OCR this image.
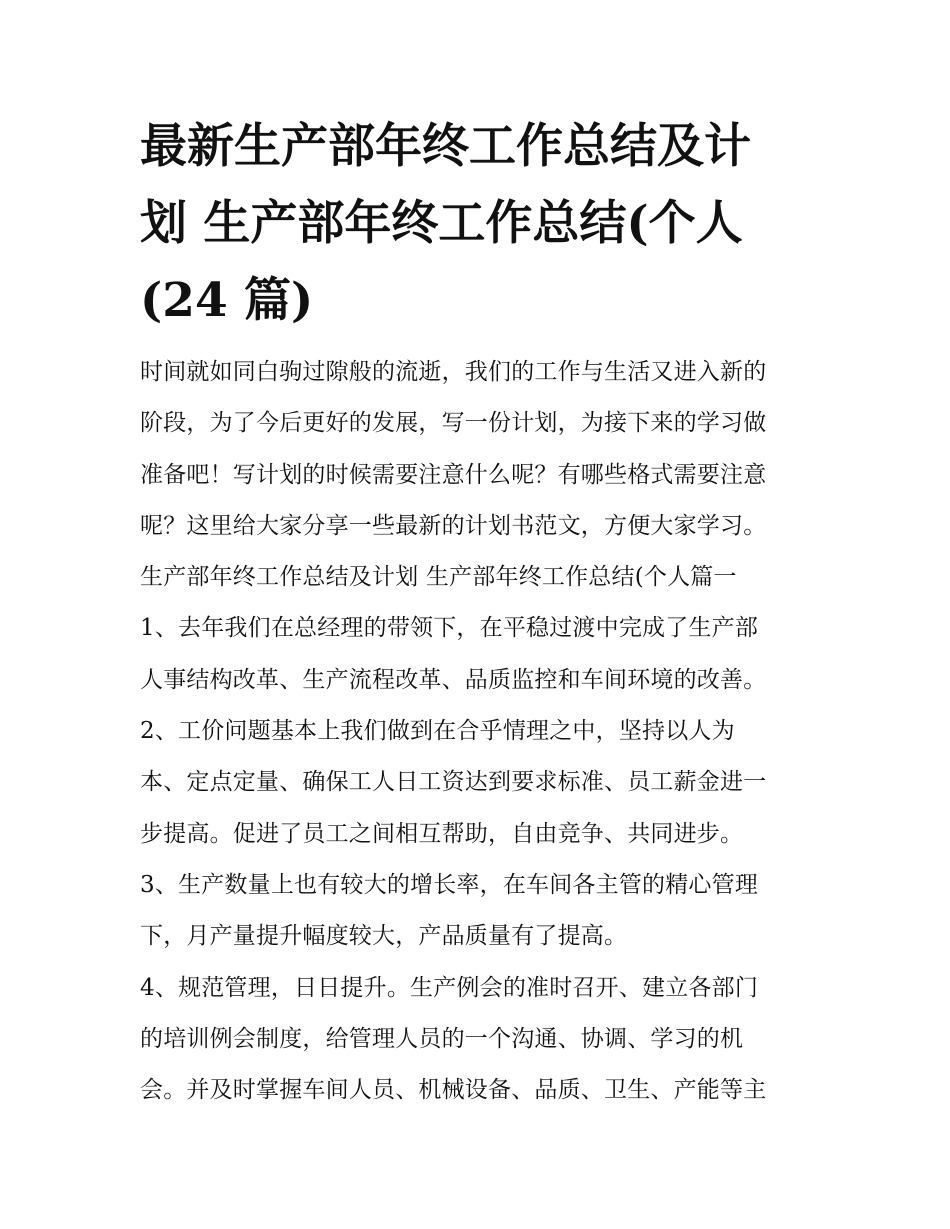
最新生产部年终工作总结及计
划 生产部年终工作总结(个人
(24 篇)
时间就如同白驹过隙般的流逝，我们的工作与生活又进入新的
阶段，为了今后更好的发展，写一份计划，为接下来的学习做
准备吧！写计划的时候需要注意什么呢？有哪些格式需要注意
呢？这里给大家分享一些最新的计划书范文，方便大家学习。
生产部年终工作总结及计划 生产部年终工作总结(个人篇一
1、去年我们在总经理的带领下，在平稳过渡中完成了生产部
人事结构改革、生产流程改革、品质监控和车间环境的改善。
2、工价问题基本上我们做到在合乎情理之中，坚持以人为
本、定点定量、确保工人日工资达到要求标准、员工薪金进一
步提高。促进了员工之间相互帮助，自由竞争、共同进步。
3、生产数量上也有较大的增长率，在车间各主管的精心管理
下，月产量提升幅度较大，产品质量有了提高。
4、规范管理，日日提升。生产例会的准时召开、建立各部门
的培训例会制度，给管理人员的一个沟通、协调、学习的机
会。并及时掌握车间人员、机械设备、品质、卫生、产能等主
